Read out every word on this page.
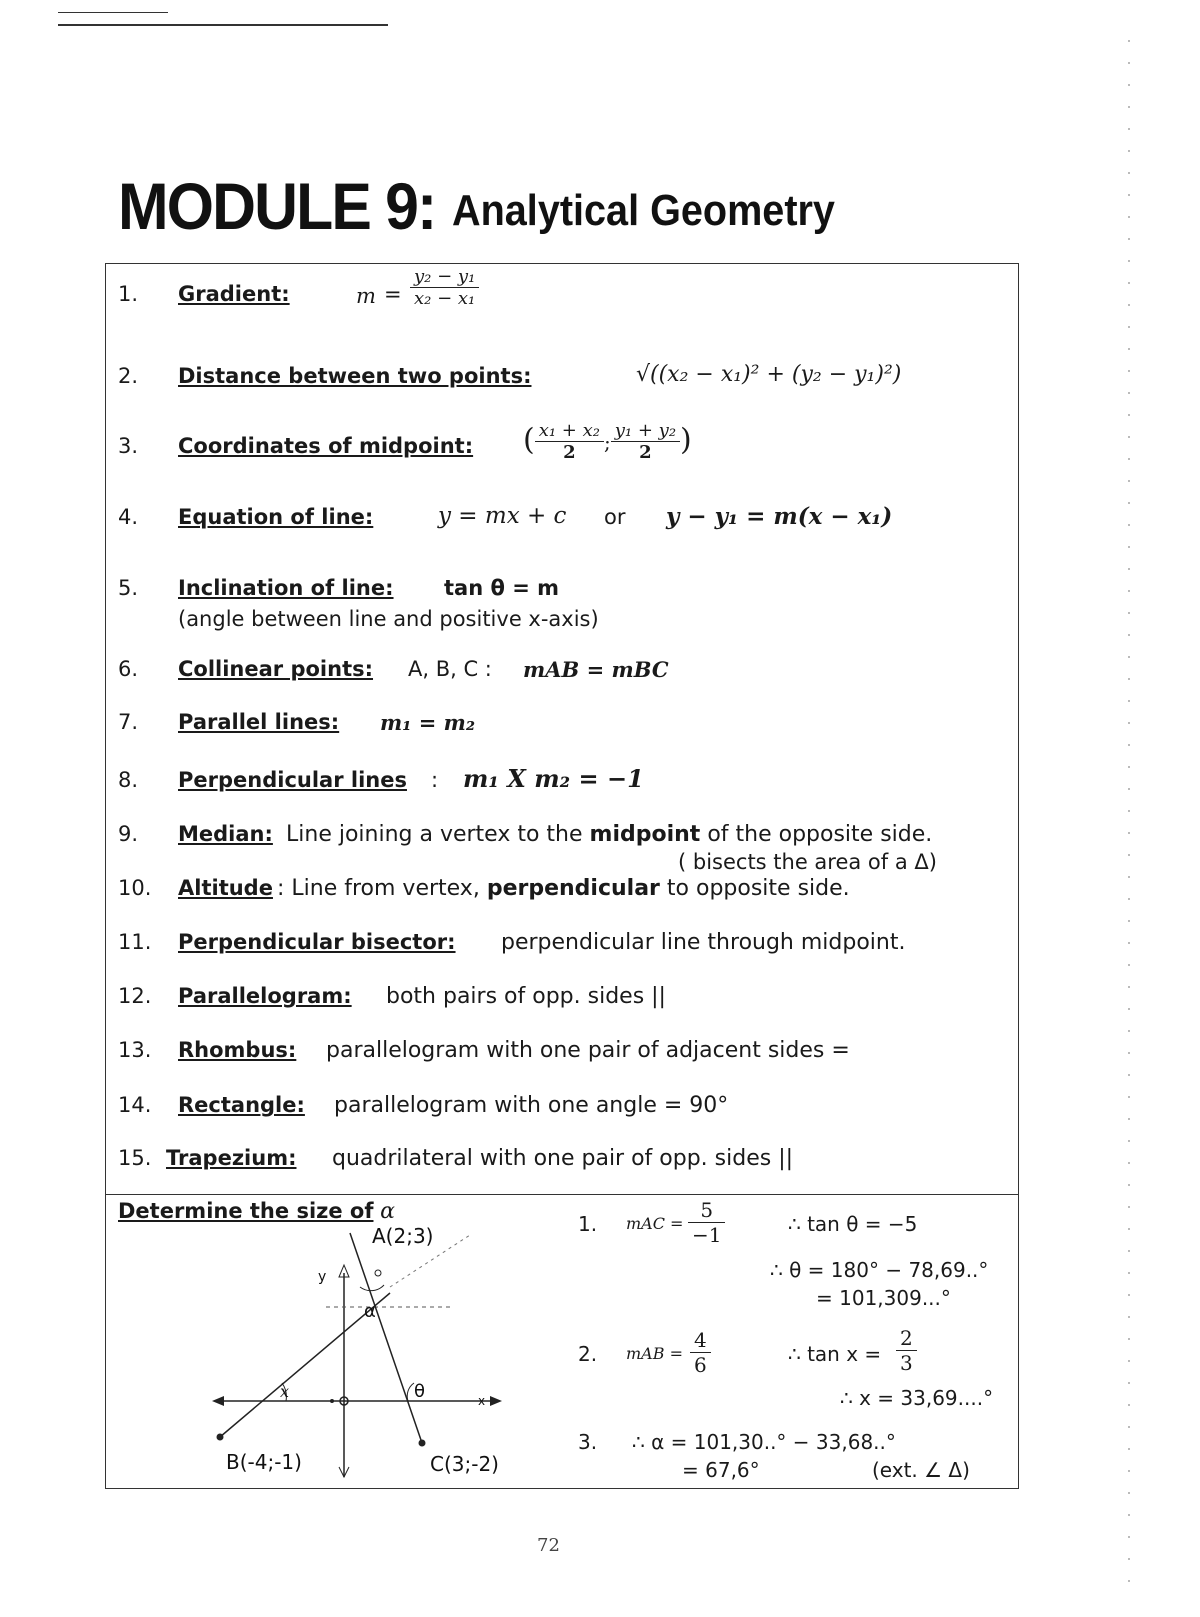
MODULE 9: Analytical Geometry
1. Gradient:	$m = \frac{\text{y₂ − y₁}}{\text{x₂ − x₁}}$
2. Distance between two points:	√((x₂ − x₁)² + (y₂ − y₁)²)
3. Coordinates of midpoint: ( $\frac{\text{x₁ + x₂}}{2}$ ; $\frac{\text{y₁ + y₂}}{2}$ )
4. Equation of line:	y = mx + c or y − y₁ = m(x − x₁)
5. Inclination of line: tan θ = m
(angle between line and positive x-axis)
6. Collinear points: A, B, C : mAB = mBC
7. Parallel lines: m₁ = m₂
8. Perpendicular lines : m₁ X m₂ = −1
9. Median: Line joining a vertex to the midpoint of the opposite side.
( bisects the area of a Δ)
10. Altitude : Line from vertex, perpendicular to opposite side.
11. Perpendicular bisector: perpendicular line through midpoint.
12. Parallelogram: both pairs of opp. sides ||
13. Rhombus: parallelogram with one pair of adjacent sides =
14. Rectangle: parallelogram with one angle = 90°
15. Trapezium: quadrilateral with one pair of opp. sides ||
Determine the size of α
A(2;3)
B(-4;-1)	C(3;-2)
x
y
α
θ
x
1. mAC = $\frac{5}{-1}$	∴ tan θ = −5
∴ θ = 180° − 78,69..°
= 101,309...°
2. mAB = $\frac{4}{6}$	∴ $\tan x = \frac{2}{3}$
∴ x = 33,69....°
3. ∴ α = 101,30..° − 33,68..°
= 67,6°	(ext. ∠ Δ)
72
